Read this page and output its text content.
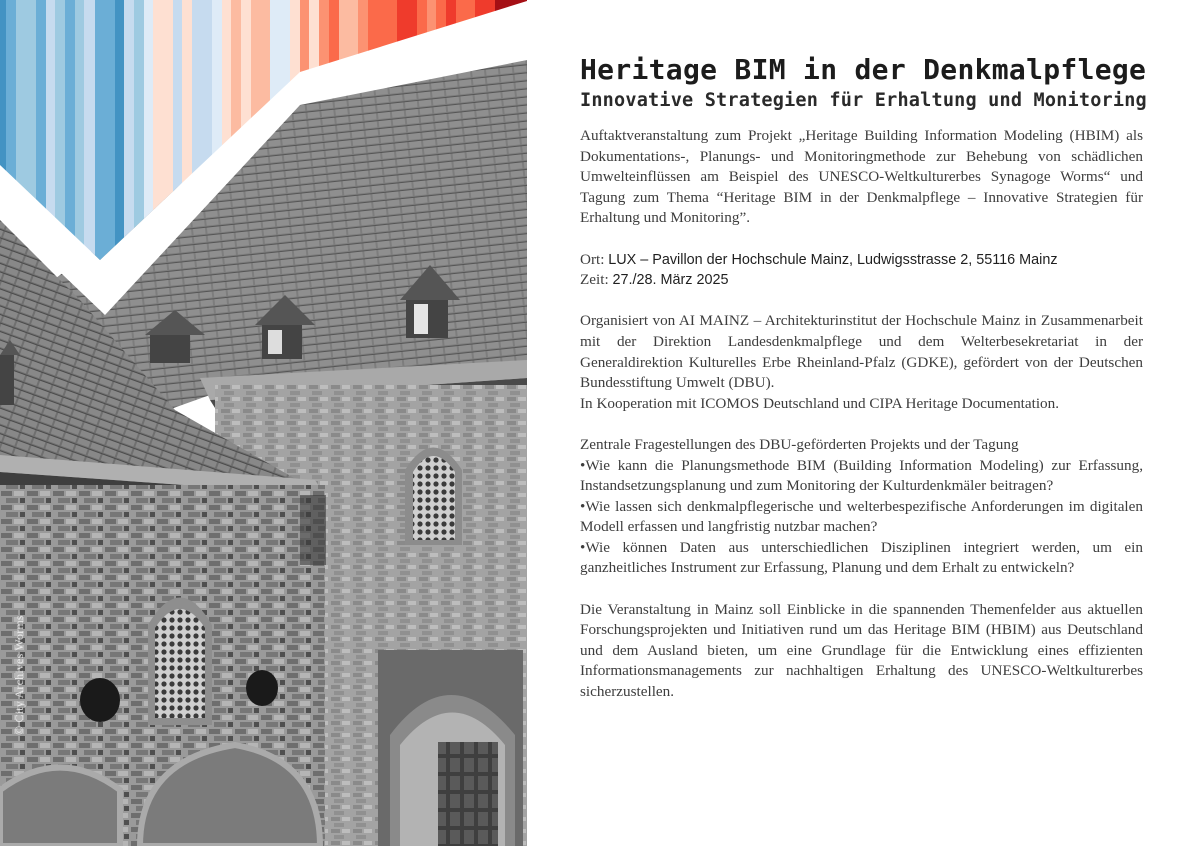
© City Archives Worms
Heritage BIM in der Denkmalpflege
Innovative Strategien für Erhaltung und Monitoring

Auftaktveranstaltung zum Projekt „Heritage Building Information Modeling (HBIM) als Dokumentations-, Planungs- und Monitoringmethode zur Behebung von schädlichen Umwelteinflüssen am Beispiel des UNESCO-Weltkulturerbes Synagoge Worms“ und Tagung zum Thema “Heritage BIM in der Denkmalpflege – Innovative Strategien für Erhaltung und Monitoring”.

Ort: LUX – Pavillon der Hochschule Mainz, Ludwigsstrasse 2, 55116 Mainz

Zeit: 27./28. März 2025

Organisiert von AI MAINZ – Architekturinstitut der Hochschule Mainz in Zusammenarbeit mit der Direktion Landesdenkmalpflege und dem Welterbesekretariat in der Generaldirektion Kulturelles Erbe Rheinland-Pfalz (GDKE), gefördert von der Deutschen Bundesstiftung Umwelt (DBU).

In Kooperation mit ICOMOS Deutschland und CIPA Heritage Documentation.

Zentrale Fragestellungen des DBU-geförderten Projekts und der Tagung

•Wie kann die Planungsmethode BIM (Building Information Modeling) zur Erfassung, Instandsetzungsplanung und zum Monitoring der Kulturdenkmäler beitragen?

•Wie lassen sich denkmalpflegerische und welterbespezifische Anforderungen im digitalen Modell erfassen und langfristig nutzbar machen?

•Wie können Daten aus unterschiedlichen Disziplinen integriert werden, um ein ganzheitliches Instrument zur Erfassung, Planung und dem Erhalt zu entwickeln?

Die Veranstaltung in Mainz soll Einblicke in die spannenden Themenfelder aus aktuellen Forschungsprojekten und Initiativen rund um das Heritage BIM (HBIM) aus Deutschland und dem Ausland bieten, um eine Grundlage für die Entwicklung eines effizienten Informationsmanagements zur nachhaltigen Erhaltung des UNESCO-Weltkulturerbes sicherzustellen.
